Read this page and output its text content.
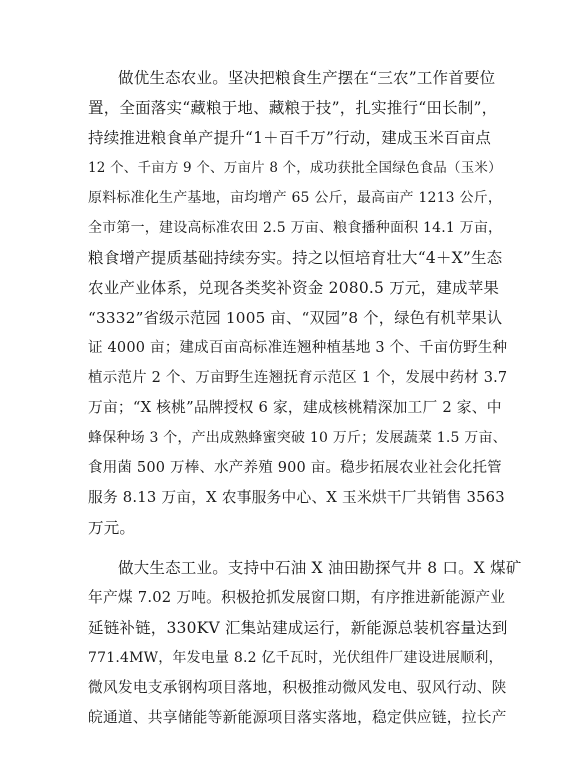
做优生态农业。坚决把粮食生产摆在“三农”工作首要位
置，全面落实“藏粮于地、藏粮于技”，扎实推行“田长制”，
持续推进粮食单产提升“1＋百千万”行动，建成玉米百亩点
12 个、千亩方 9 个、万亩片 8 个，成功获批全国绿色食品（玉米）
原料标准化生产基地，亩均增产 65 公斤，最高亩产 1213 公斤，
全市第一，建设高标准农田 2.5 万亩、粮食播种面积 14.1 万亩，
粮食增产提质基础持续夯实。持之以恒培育壮大“4＋X”生态
农业产业体系，兑现各类奖补资金 2080.5 万元，建成苹果
“3332”省级示范园 1005 亩、“双园”8 个，绿色有机苹果认
证 4000 亩；建成百亩高标准连翘种植基地 3 个、千亩仿野生种
植示范片 2 个、万亩野生连翘抚育示范区 1 个，发展中药材 3.7
万亩；“X 核桃”品牌授权 6 家，建成核桃精深加工厂 2 家、中
蜂保种场 3 个，产出成熟蜂蜜突破 10 万斤；发展蔬菜 1.5 万亩、
食用菌 500 万棒、水产养殖 900 亩。稳步拓展农业社会化托管
服务 8.13 万亩，X 农事服务中心、X 玉米烘干厂共销售 3563
万元。
做大生态工业。支持中石油 X 油田勘探气井 8 口。X 煤矿
年产煤 7.02 万吨。积极抢抓发展窗口期，有序推进新能源产业
延链补链，330KV 汇集站建成运行，新能源总装机容量达到
771.4MW，年发电量 8.2 亿千瓦时，光伏组件厂建设进展顺利，
微风发电支承钢构项目落地，积极推动微风发电、驭风行动、陕
皖通道、共享储能等新能源项目落实落地，稳定供应链，拉长产
